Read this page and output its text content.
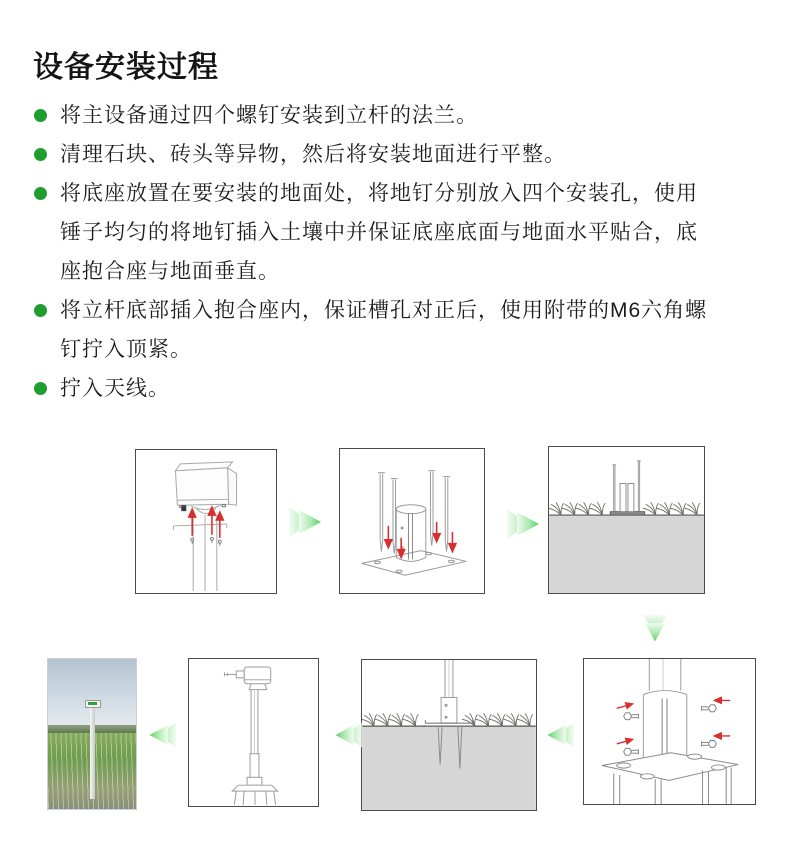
设备安装过程
将主设备通过四个螺钉安装到立杆的法兰。
清理石块、砖头等异物，然后将安装地面进行平整。
将底座放置在要安装的地面处，将地钉分别放入四个安装孔，使用
锤子均匀的将地钉插入土壤中并保证底座底面与地面水平贴合，底
座抱合座与地面垂直。
将立杆底部插入抱合座内，保证槽孔对正后，使用附带的M6六角螺
钉拧入顶紧。
拧入天线。
